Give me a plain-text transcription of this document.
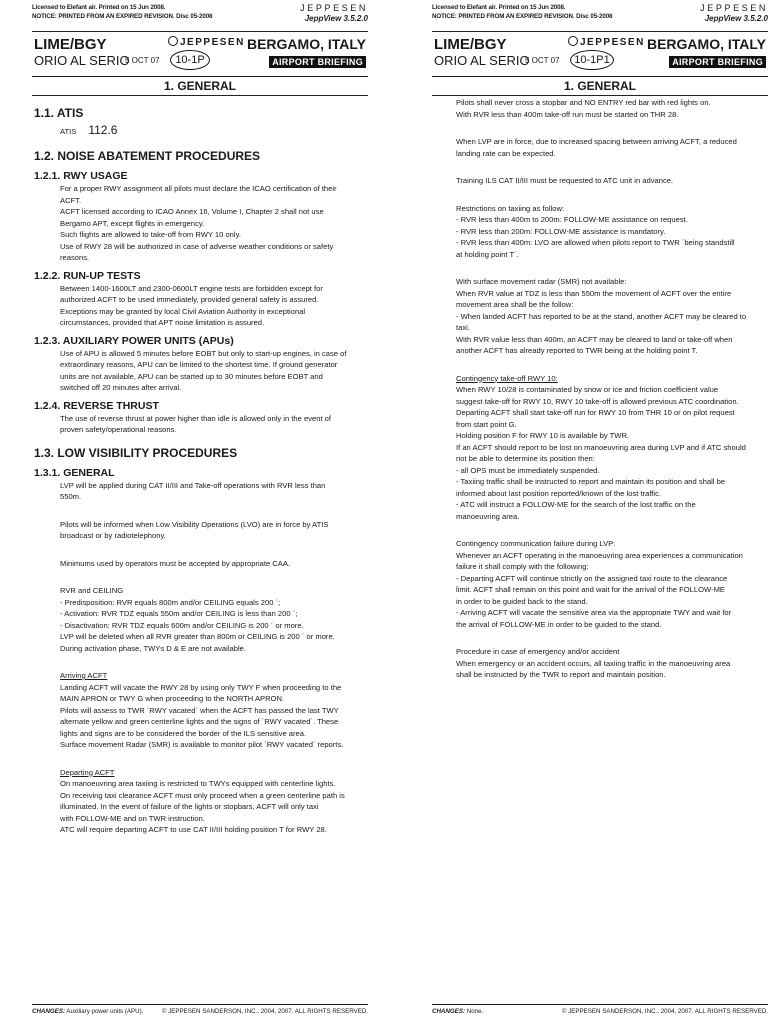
Licensed to Elefant air. Printed on 15 Jun 2008.
NOTICE: PRINTED FROM AN EXPIRED REVISION. Disc 05-2008
JEPPESEN
JeppView 3.5.2.0
LIME/BGY
ORIO AL SERIO
JEPPESEN
5 OCT 07	10-1P
BERGAMO, ITALY
AIRPORT BRIEFING
1. GENERAL
1.1. ATIS
ATIS 112.6
1.2. NOISE ABATEMENT PROCEDURES
1.2.1. RWY USAGE
For a proper RWY assignment all pilots must declare the ICAO certification of their
ACFT.
ACFT licensed according to ICAO Annex 16, Volume I, Chapter 2 shall not use
Bergamo APT, except flights in emergency.
Such flights are allowed to take-off from RWY 10 only.
Use of RWY 28 will be authorized in case of adverse weather conditions or safety
reasons.
1.2.2. RUN-UP TESTS
Between 1400-1600LT and 2300-0600LT engine tests are forbidden except for
authorized ACFT to be used immediately, provided general safety is assured.
Exceptions may be granted by local Civil Aviation Authority in exceptional
circumstances, provided that APT noise limitation is assured.
1.2.3. AUXILIARY POWER UNITS (APUs)
Use of APU is allowed 5 minutes before EOBT but only to start-up engines, in case of
extraordinary reasons, APU can be limited to the shortest time. If ground generator
units are not available, APU can be started up to 30 minutes before EOBT and
switched off 20 minutes after arrival.
1.2.4. REVERSE THRUST
The use of reverse thrust at power higher than idle is allowed only in the event of
proven safety/operational reasons.
1.3. LOW VISIBILITY PROCEDURES
1.3.1. GENERAL
LVP will be applied during CAT II/III and Take-off operations with RVR less than
550m.
Pilots will be informed when Low Visibility Operations (LVO) are in force by ATIS
broadcast or by radiotelephony.
Minimums used by operators must be accepted by appropriate CAA.
RVR and CEILING
- Predisposition: RVR equals 800m and/or CEILING equals 200 ´;
- Activation: RVR TDZ equals 550m and/or CEILING is less than 200 ´;
- Disactivation: RVR TDZ equals 600m and/or CEILING is 200 ´ or more.
LVP will be deleted when all RVR greater than 800m or CEILING is 200 ´ or more.
During activation phase, TWYs D & E are not available.
Arriving ACFT
Landing ACFT will vacate the RWY 28 by using only TWY F when proceeding to the
MAIN APRON or TWY G when proceeding to the NORTH APRON.
Pilots will assess to TWR ´RWY vacated´ when the ACFT has passed the last TWY
alternate yellow and green centerline lights and the signs of ´RWY vacated´. These
lights and signs are to be considered the border of the ILS sensitive area.
Surface movement Radar (SMR) is available to monitor pilot ´RWY vacated´ reports.
Departing ACFT
On manoeuvring area taxiing is restricted to TWYs equipped with centerline lights.
On receiving taxi clearance ACFT must only proceed when a green centerline path is
illuminated. In the event of failure of the lights or stopbars, ACFT will only taxi
with FOLLOW-ME and on TWR instruction.
ATC will require departing ACFT to use CAT II/III holding position T for RWY 28.
CHANGES: Auxiliary power units (APU).	© JEPPESEN SANDERSON, INC., 2004, 2007. ALL RIGHTS RESERVED.
Licensed to Elefant air. Printed on 15 Jun 2008.
NOTICE: PRINTED FROM AN EXPIRED REVISION. Disc 05-2008
JEPPESEN
JeppView 3.5.2.0
LIME/BGY
ORIO AL SERIO
JEPPESEN
5 OCT 07	10-1P1
BERGAMO, ITALY
AIRPORT BRIEFING
1. GENERAL
Pilots shall never cross a stopbar and NO ENTRY red bar with red lights on.
With RVR less than 400m take-off run must be started on THR 28.
When LVP are in force, due to increased spacing between arriving ACFT, a reduced
landing rate can be expected.
Training ILS CAT II/III must be requested to ATC unit in advance.
Restrictions on taxiing as follow:
- RVR less than 400m to 200m: FOLLOW-ME assistance on request.
- RVR less than 200m: FOLLOW-ME assistance is mandatory.
- RVR less than 400m: LVO are allowed when pilots report to TWR ´being standstill
at holding point T´.
With surface movement radar (SMR) not available:
When RVR value at TDZ is less than 550m the movement of ACFT over the entire
movement area shall be the follow:
- When landed ACFT has reported to be at the stand, another ACFT may be cleared to
taxi.
With RVR value less than 400m, an ACFT may be cleared to land or take-off when
another ACFT has already reported to TWR being at the holding point T.
Contingency take-off RWY 10:
When RWY 10/28 is contaminated by snow or ice and friction coefficient value
suggest take-off for RWY 10, RWY 10 take-off is allowed previous ATC coordination.
Departing ACFT shall start take-off run for RWY 10 from THR 10 or on pilot request
from start point G.
Holding position F for RWY 10 is available by TWR.
If an ACFT should report to be lost on manoeuvring area during LVP and if ATC should
not be able to determine its position then:
- all OPS must be immediately suspended.
- Taxiing traffic shall be instructed to report and maintain its position and shall be
informed about last position reported/known of the lost traffic.
- ATC will instruct a FOLLOW-ME for the search of the lost traffic on the
manoeuvring area.
Contingency communication failure during LVP:
Whenever an ACFT operating in the manoeuvring area experiences a communication
failure it shall comply with the following:
- Departing ACFT will continue strictly on the assigned taxi route to the clearance
limit. ACFT shall remain on this point and wait for the arrival of the FOLLOW-ME
in order to be guided back to the stand.
- Arriving ACFT will vacate the sensitive area via the appropriate TWY and wait for
the arrival of FOLLOW-ME in order to be guided to the stand.
Procedure in case of emergency and/or accident
When emergency or an accident occurs, all taxiing traffic in the manoeuvring area
shall be instructed by the TWR to report and maintain position.
CHANGES: None.	© JEPPESEN SANDERSON, INC., 2004, 2007. ALL RIGHTS RESERVED.
